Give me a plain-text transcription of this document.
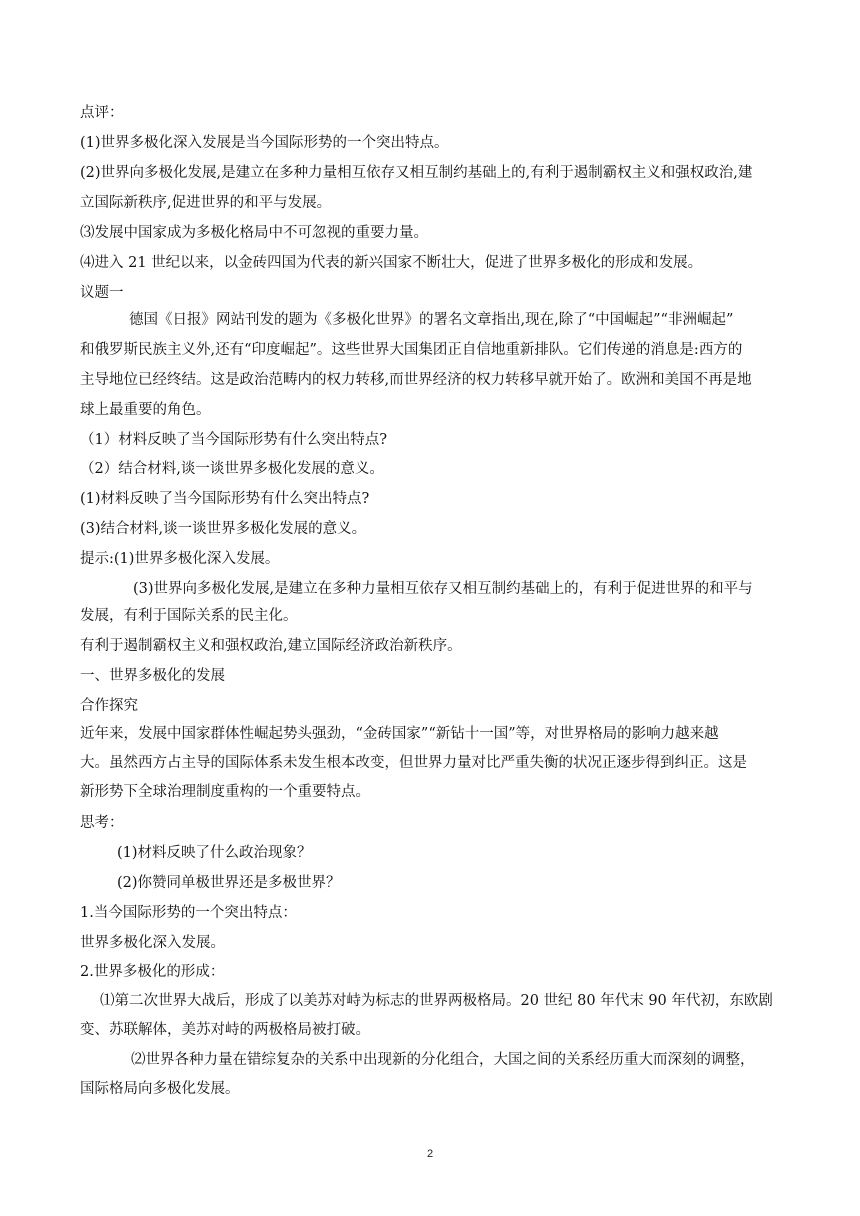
点评：
(1)世界多极化深入发展是当今国际形势的一个突出特点。
(2)世界向多极化发展,是建立在多种力量相互依存又相互制约基础上的,有利于遏制霸权主义和强权政治,建
立国际新秩序,促进世界的和平与发展。
⑶发展中国家成为多极化格局中不可忽视的重要力量。
⑷进入 21 世纪以来，以金砖四国为代表的新兴国家不断壮大，促进了世界多极化的形成和发展。
议题一
德国《日报》网站刊发的题为《多极化世界》的署名文章指出,现在,除了“中国崛起”“非洲崛起”
和俄罗斯民族主义外,还有“印度崛起”。这些世界大国集团正自信地重新排队。它们传递的消息是:西方的
主导地位已经终结。这是政治范畴内的权力转移,而世界经济的权力转移早就开始了。欧洲和美国不再是地
球上最重要的角色。
（1）材料反映了当今国际形势有什么突出特点?
（2）结合材料,谈一谈世界多极化发展的意义。
(1)材料反映了当今国际形势有什么突出特点?
(3)结合材料,谈一谈世界多极化发展的意义。
提示:(1)世界多极化深入发展。
(3)世界向多极化发展,是建立在多种力量相互依存又相互制约基础上的，有利于促进世界的和平与
发展，有利于国际关系的民主化。
有利于遏制霸权主义和强权政治,建立国际经济政治新秩序。
一、世界多极化的发展
合作探究
近年来，发展中国家群体性崛起势头强劲，“金砖国家”“新钻十一国”等，对世界格局的影响力越来越
大。虽然西方占主导的国际体系未发生根本改变，但世界力量对比严重失衡的状况正逐步得到纠正。这是
新形势下全球治理制度重构的一个重要特点。
思考：
(1)材料反映了什么政治现象？
(2)你赞同单极世界还是多极世界？
1.当今国际形势的一个突出特点：
世界多极化深入发展。
2.世界多极化的形成：
⑴第二次世界大战后，形成了以美苏对峙为标志的世界两极格局。20 世纪 80 年代末 90 年代初，东欧剧
变、苏联解体，美苏对峙的两极格局被打破。
⑵世界各种力量在错综复杂的关系中出现新的分化组合，大国之间的关系经历重大而深刻的调整，
国际格局向多极化发展。
2
